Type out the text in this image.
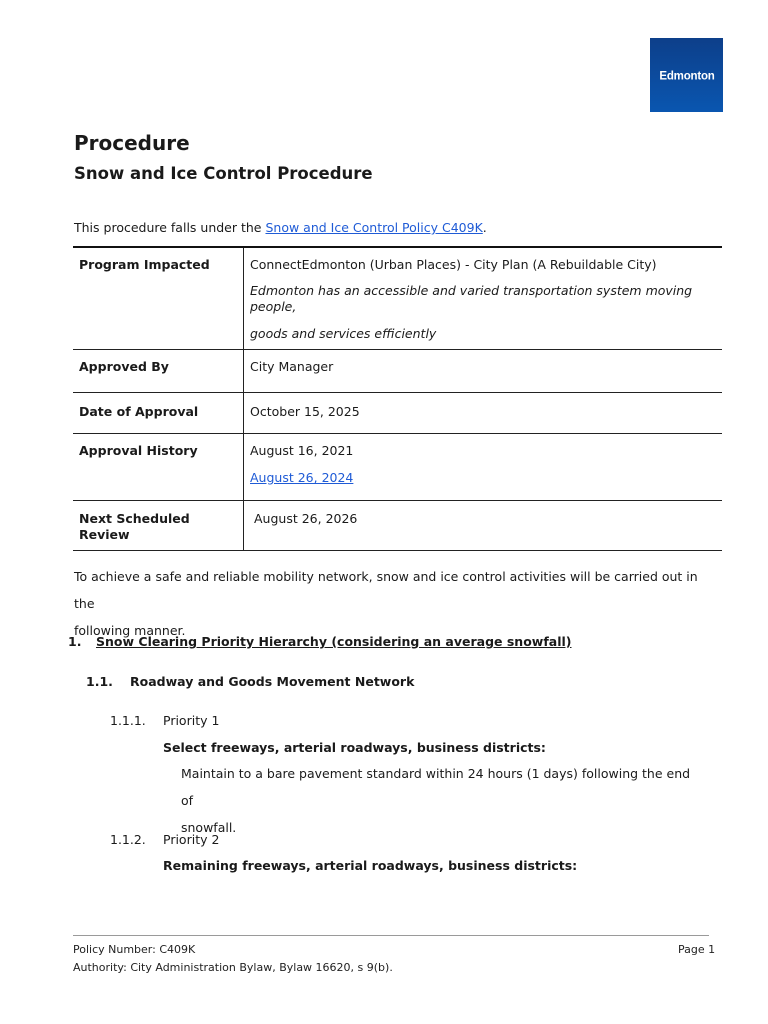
Edmonton
Procedure
Snow and Ice Control Procedure
This procedure falls under the Snow and Ice Control Policy C409K.
Program Impacted	ConnectEdmonton (Urban Places) - City Plan (A Rebuildable City)
Edmonton has an accessible and varied transportation system moving people,
goods and services efficiently

Approved By	City Manager

Date of Approval	October 15, 2025

Approval History	August 16, 2021
August 26, 2024

Next Scheduled Review	August 26, 2026
To achieve a safe and reliable mobility network, snow and ice control activities will be carried out in the
following manner.
1. Snow Clearing Priority Hierarchy (considering an average snowfall)
1.1. Roadway and Goods Movement Network
1.1.1. Priority 1
Select freeways, arterial roadways, business districts:
Maintain to a bare pavement standard within 24 hours (1 days) following the end of
snowfall.
1.1.2. Priority 2
Remaining freeways, arterial roadways, business districts:
Policy Number: C409K
Authority: City Administration Bylaw, Bylaw 16620, s 9(b).
Page 1
